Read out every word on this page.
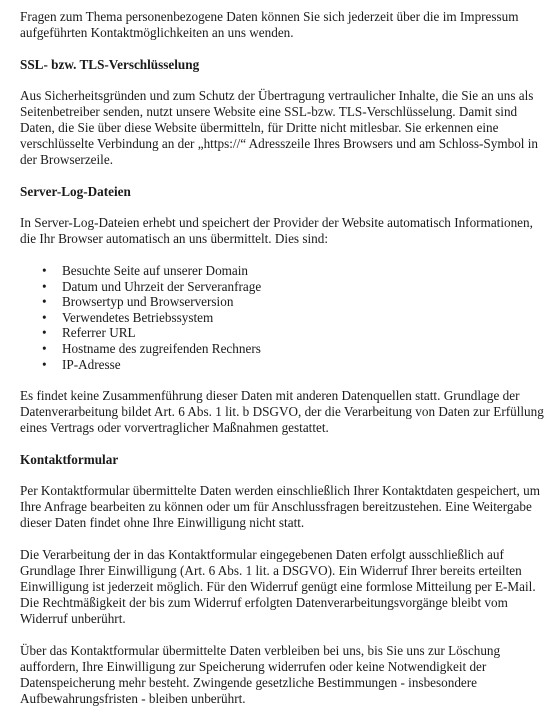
Fragen zum Thema personenbezogene Daten können Sie sich jederzeit über die im Impressum aufgeführten Kontaktmöglichkeiten an uns wenden.

SSL- bzw. TLS-Verschlüsselung

Aus Sicherheitsgründen und zum Schutz der Übertragung vertraulicher Inhalte, die Sie an uns als Seitenbetreiber senden, nutzt unsere Website eine SSL-bzw. TLS-Verschlüsselung. Damit sind Daten, die Sie über diese Website übermitteln, für Dritte nicht mitlesbar. Sie erkennen eine verschlüsselte Verbindung an der „https://“ Adresszeile Ihres Browsers und am Schloss-Symbol in der Browserzeile.

Server-Log-Dateien

In Server-Log-Dateien erhebt und speichert der Provider der Website automatisch Informationen, die Ihr Browser automatisch an uns übermittelt. Dies sind:

• Besuchte Seite auf unserer Domain
• Datum und Uhrzeit der Serveranfrage
• Browsertyp und Browserversion
• Verwendetes Betriebssystem
• Referrer URL
• Hostname des zugreifenden Rechners
• IP-Adresse

Es findet keine Zusammenführung dieser Daten mit anderen Datenquellen statt. Grundlage der Datenverarbeitung bildet Art. 6 Abs. 1 lit. b DSGVO, der die Verarbeitung von Daten zur Erfüllung eines Vertrags oder vorvertraglicher Maßnahmen gestattet.

Kontaktformular

Per Kontaktformular übermittelte Daten werden einschließlich Ihrer Kontaktdaten gespeichert, um Ihre Anfrage bearbeiten zu können oder um für Anschlussfragen bereitzustehen. Eine Weitergabe dieser Daten findet ohne Ihre Einwilligung nicht statt.

Die Verarbeitung der in das Kontaktformular eingegebenen Daten erfolgt ausschließlich auf Grundlage Ihrer Einwilligung (Art. 6 Abs. 1 lit. a DSGVO). Ein Widerruf Ihrer bereits erteilten Einwilligung ist jederzeit möglich. Für den Widerruf genügt eine formlose Mitteilung per E-Mail. Die Rechtmäßigkeit der bis zum Widerruf erfolgten Datenverarbeitungsvorgänge bleibt vom Widerruf unberührt.

Über das Kontaktformular übermittelte Daten verbleiben bei uns, bis Sie uns zur Löschung auffordern, Ihre Einwilligung zur Speicherung widerrufen oder keine Notwendigkeit der Datenspeicherung mehr besteht. Zwingende gesetzliche Bestimmungen - insbesondere Aufbewahrungsfristen - bleiben unberührt.
